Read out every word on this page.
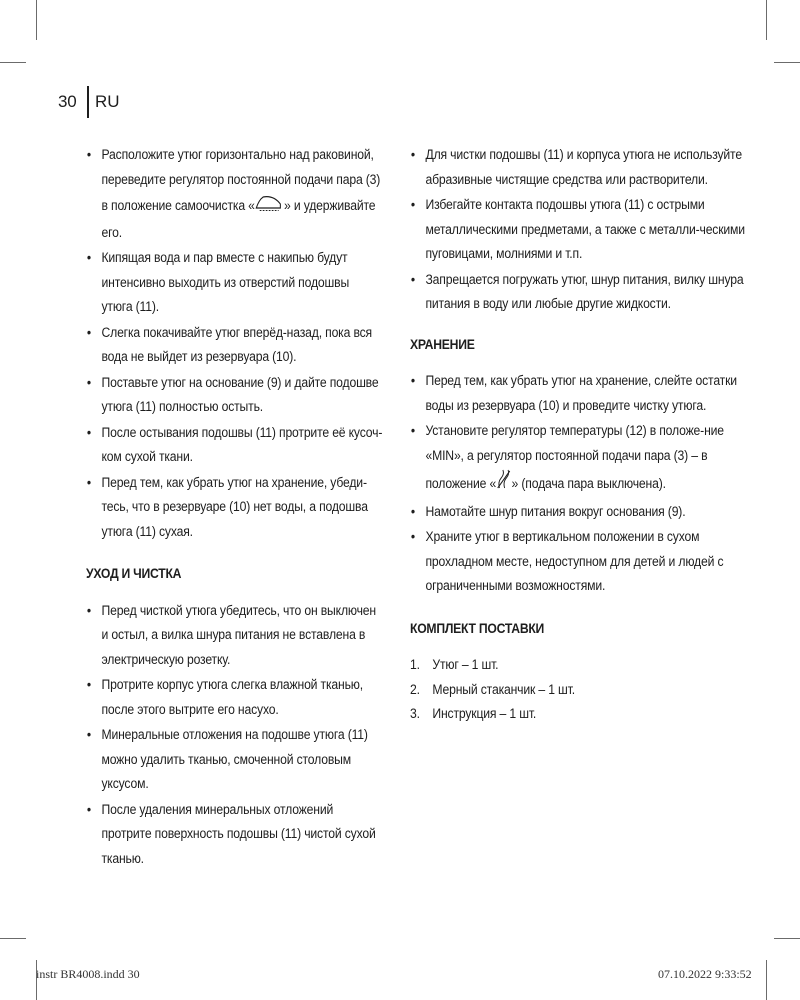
30 RU
• Расположите утюг горизонтально над раковиной, переведите регулятор постоянной подачи пара (3) в положение самоочистка « » и удерживайте его.
• Кипящая вода и пар вместе с накипью будут интенсивно выходить из отверстий подошвы утюга (11).
• Слегка покачивайте утюг вперёд-назад, пока вся вода не выйдет из резервуара (10).
• Поставьте утюг на основание (9) и дайте подошве утюга (11) полностью остыть.
• После остывания подошвы (11) протрите её кусоч-ком сухой ткани.
• Перед тем, как убрать утюг на хранение, убеди-тесь, что в резервуаре (10) нет воды, а подошва утюга (11) сухая.
УХОД И ЧИСТКА
• Перед чисткой утюга убедитесь, что он выключен и остыл, а вилка шнура питания не вставлена в электрическую розетку.
• Протрите корпус утюга слегка влажной тканью, после этого вытрите его насухо.
• Минеральные отложения на подошве утюга (11) можно удалить тканью, смоченной столовым уксусом.
• После удаления минеральных отложений протрите поверхность подошвы (11) чистой сухой тканью.
• Для чистки подошвы (11) и корпуса утюга не используйте абразивные чистящие средства или растворители.
• Избегайте контакта подошвы утюга (11) с острыми металлическими предметами, а также с металли-ческими пуговицами, молниями и т.п.
• Запрещается погружать утюг, шнур питания, вилку шнура питания в воду или любые другие жидкости.
ХРАНЕНИЕ
• Перед тем, как убрать утюг на хранение, слейте остатки воды из резервуара (10) и проведите чистку утюга.
• Установите регулятор температуры (12) в положе-ние «MIN», а регулятор постоянной подачи пара (3) – в положение « » (подача пара выключена).
• Намотайте шнур питания вокруг основания (9).
• Храните утюг в вертикальном положении в сухом прохладном месте, недоступном для детей и людей с ограниченными возможностями.
КОМПЛЕКТ ПОСТАВКИ
1. Утюг – 1 шт.
2. Мерный стаканчик – 1 шт.
3. Инструкция – 1 шт.
instr BR4008.indd 30	07.10.2022 9:33:52
